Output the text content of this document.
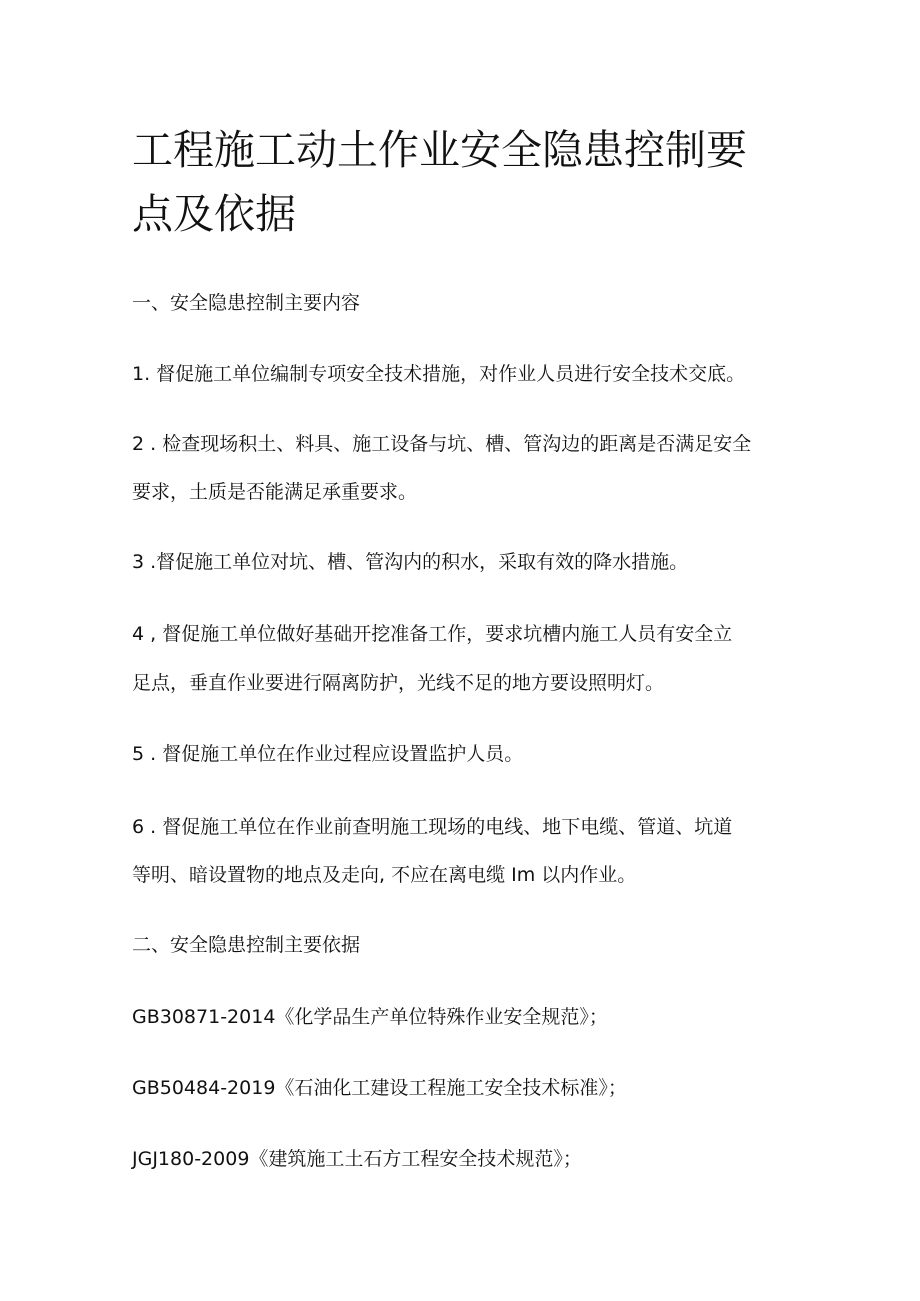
工程施工动土作业安全隐患控制要
点及依据

一、安全隐患控制主要内容

1. 督促施工单位编制专项安全技术措施，对作业人员进行安全技术交底。

2 . 检查现场积土、料具、施工设备与坑、槽、管沟边的距离是否满足安全

要求，土质是否能满足承重要求。

3 .督促施工单位对坑、槽、管沟内的积水，采取有效的降水措施。

4 , 督促施工单位做好基础开挖准备工作，要求坑槽内施工人员有安全立

足点，垂直作业要进行隔离防护，光线不足的地方要设照明灯。

5 . 督促施工单位在作业过程应设置监护人员。

6 . 督促施工单位在作业前查明施工现场的电线、地下电缆、管道、坑道

等明、暗设置物的地点及走向, 不应在离电缆 Im 以内作业。

二、安全隐患控制主要依据

GB30871-2014《化学品生产单位特殊作业安全规范》；

GB50484-2019《石油化工建设工程施工安全技术标准》；

JGJ180-2009《建筑施工土石方工程安全技术规范》；
